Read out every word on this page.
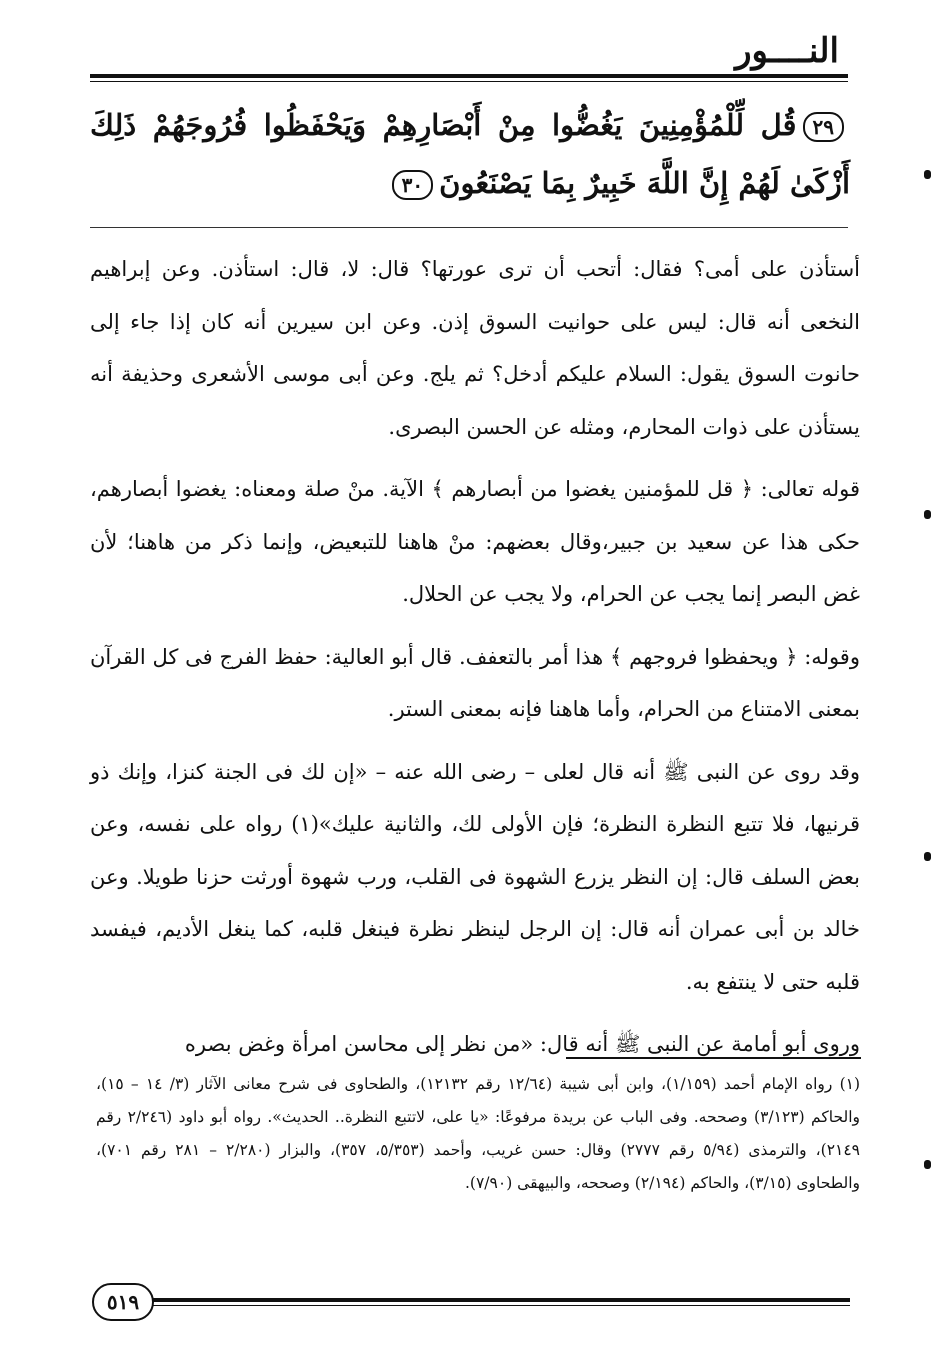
النــــور
٢٩قُل لِّلْمُؤْمِنِينَ يَغُضُّوا مِنْ أَبْصَارِهِمْ وَيَحْفَظُوا فُرُوجَهُمْ ذَلِكَ أَزْكَىٰ لَهُمْ إِنَّ اللَّهَ خَبِيرٌ بِمَا يَصْنَعُونَ٣٠

أستأذن على أمى؟ فقال: أتحب أن ترى عورتها؟ قال: لا، قال: استأذن. وعن إبراهيم النخعى أنه قال: ليس على حوانيت السوق إذن. وعن ابن سيرين أنه كان إذا جاء إلى حانوت السوق يقول: السلام عليكم أدخل؟ ثم يلج. وعن أبى موسى الأشعرى وحذيفة أنه يستأذن على ذوات المحارم، ومثله عن الحسن البصرى.

قوله تعالى: ﴿ قل للمؤمنين يغضوا من أبصارهم ﴾ الآية. منْ صلة ومعناه: يغضوا أبصارهم، حكى هذا عن سعيد بن جبير،وقال بعضهم: منْ هاهنا للتبعيض، وإنما ذكر من هاهنا؛ لأن غض البصر إنما يجب عن الحرام، ولا يجب عن الحلال.

وقوله: ﴿ ويحفظوا فروجهم ﴾ هذا أمر بالتعفف. قال أبو العالية: حفظ الفرج فى كل القرآن بمعنى الامتناع من الحرام، وأما هاهنا فإنه بمعنى الستر.

وقد روى عن النبى ﷺ أنه قال لعلى – رضى الله عنه – «إن لك فى الجنة كنزا، وإنك ذو قرنيها، فلا تتبع النظرة النظرة؛ فإن الأولى لك، والثانية عليك»(١) رواه على نفسه، وعن بعض السلف قال: إن النظر يزرع الشهوة فى القلب، ورب شهوة أورثت حزنا طويلا. وعن خالد بن أبى عمران أنه قال: إن الرجل لينظر نظرة فينغل قلبه، كما ينغل الأديم، فيفسد قلبه حتى لا ينتفع به.

وروى أبو أمامة عن النبى ﷺ أنه قال: «من نظر إلى محاسن امرأة وغض بصره

(١) رواه الإمام أحمد (١/١٥٩)، وابن أبى شيبة (١٢/٦٤ رقم ١٢١٣٢)، والطحاوى فى شرح معانى الآثار (٣/ ١٤ – ١٥)، والحاكم (٣/١٢٣) وصححه. وفى الباب عن بريدة مرفوعًا: «يا على، لاتتبع النظرة.. الحديث». رواه أبو داود (٢/٢٤٦ رقم ٢١٤٩)، والترمذى (٥/٩٤ رقم ٢٧٧٧) وقال: حسن غريب، وأحمد (٥/٣٥٣، ٣٥٧)، والبزار (٢/٢٨٠ – ٢٨١ رقم ٧٠١)، والطحاوى (٣/١٥)، والحاكم (٢/١٩٤) وصححه، والبيهقى (٧/٩٠).

٥١٩
